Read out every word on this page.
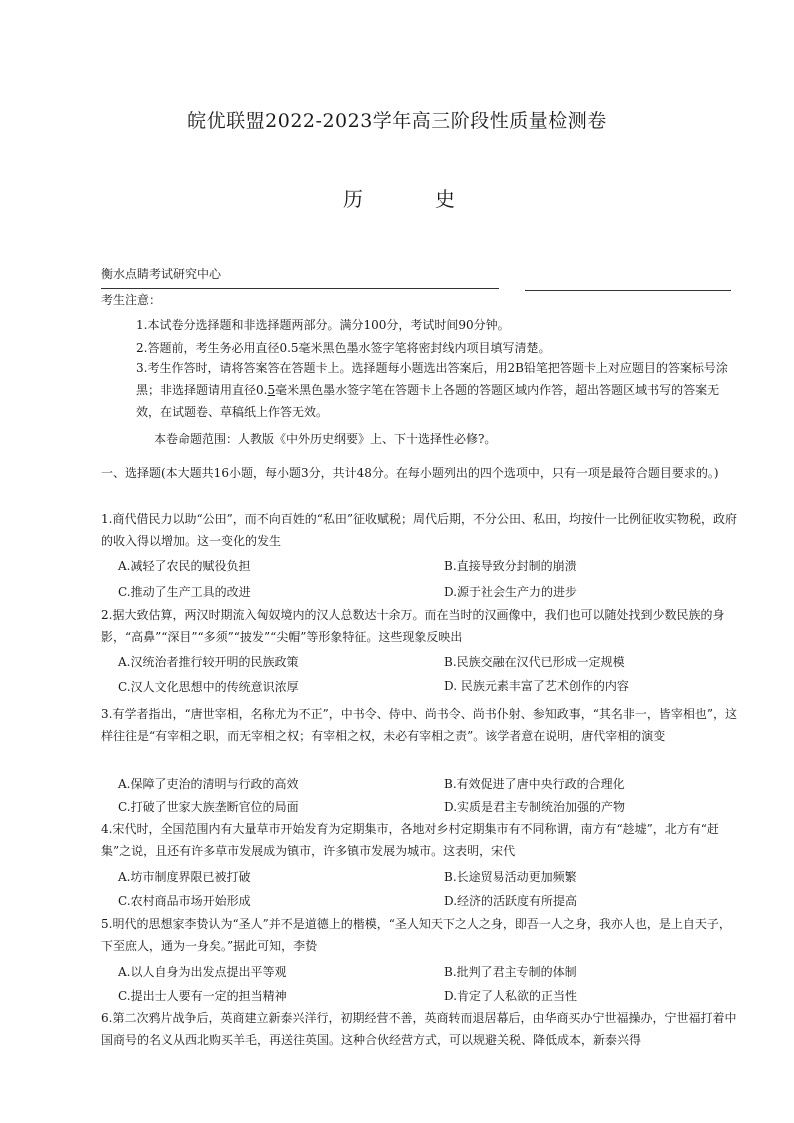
皖优联盟2022-2023学年高三阶段性质量检测卷
历	史
衡水点睛考试研究中心
考生注意：
1.本试卷分选择题和非选择题两部分。满分100分，考试时间90分钟。
2.答题前，考生务必用直径0.5毫米黑色墨水签字笔将密封线内项目填写清楚。
3.考生作答时，请将答案答在答题卡上。选择题每小题选出答案后，用2B铅笔把答题卡上对应题目的答案标号涂黑；非选择题请用直径0.5毫米黑色墨水签字笔在答题卡上各题的答题区域内作答，超出答题区域书写的答案无效，在试题卷、草稿纸上作答无效。
本卷命题范围：人教版《中外历史纲要》上、下十选择性必修?。
一、选择题(本大题共16小题，每小题3分，共计48分。在每小题列出的四个选项中，只有一项是最符合题目要求的。)
1.商代借民力以助“公田”，而不向百姓的“私田”征收赋税；周代后期，不分公田、私田，均按什一比例征收实物税，政府的收入得以增加。这一变化的发生
A.减轻了农民的赋役负担	B.直接导致分封制的崩溃
C.推动了生产工具的改进	D.源于社会生产力的进步
2.据大致估算，两汉时期流入匈奴境内的汉人总数达十余万。而在当时的汉画像中，我们也可以随处找到少数民族的身影，“高鼻”“深目”“多须”“披发”“尖帽”等形象特征。这些现象反映出
A.汉统治者推行较开明的民族政策	B.民族交融在汉代已形成一定规模
C.汉人文化思想中的传统意识浓厚	D. 民族元素丰富了艺术创作的内容
3.有学者指出，“唐世宰相，名称尤为不正”，中书令、侍中、尚书令、尚书仆射、参知政事，“其名非一，皆宰相也”，这样往往是“有宰相之职，而无宰相之权；有宰相之权，未必有宰相之责”。该学者意在说明，唐代宰相的演变
A.保障了吏治的清明与行政的高效	B.有效促进了唐中央行政的合理化
C.打破了世家大族垄断官位的局面	D.实质是君主专制统治加强的产物
4.宋代时，全国范围内有大量草市开始发育为定期集市，各地对乡村定期集市有不同称谓，南方有“趁墟”，北方有“赶集”之说，且还有许多草市发展成为镇市，许多镇市发展为城市。这表明，宋代
A.坊市制度界限已被打破	B.长途贸易活动更加频繁
C.农村商品市场开始形成	D.经济的活跃度有所提高
5.明代的思想家李贽认为“圣人”并不是道德上的楷模，“圣人知天下之人之身，即吾一人之身，我亦人也，是上自天子，下至庶人，通为一身矣。”据此可知，李贽
A.以人自身为出发点提出平等观	B.批判了君主专制的体制
C.提出士人要有一定的担当精神	D.肯定了人私欲的正当性
6.第二次鸦片战争后，英商建立新泰兴洋行，初期经营不善，英商转而退居幕后，由华商买办宁世福操办，宁世福打着中国商号的名义从西北购买羊毛，再送往英国。这种合伙经营方式，可以规避关税、降低成本，新泰兴得
